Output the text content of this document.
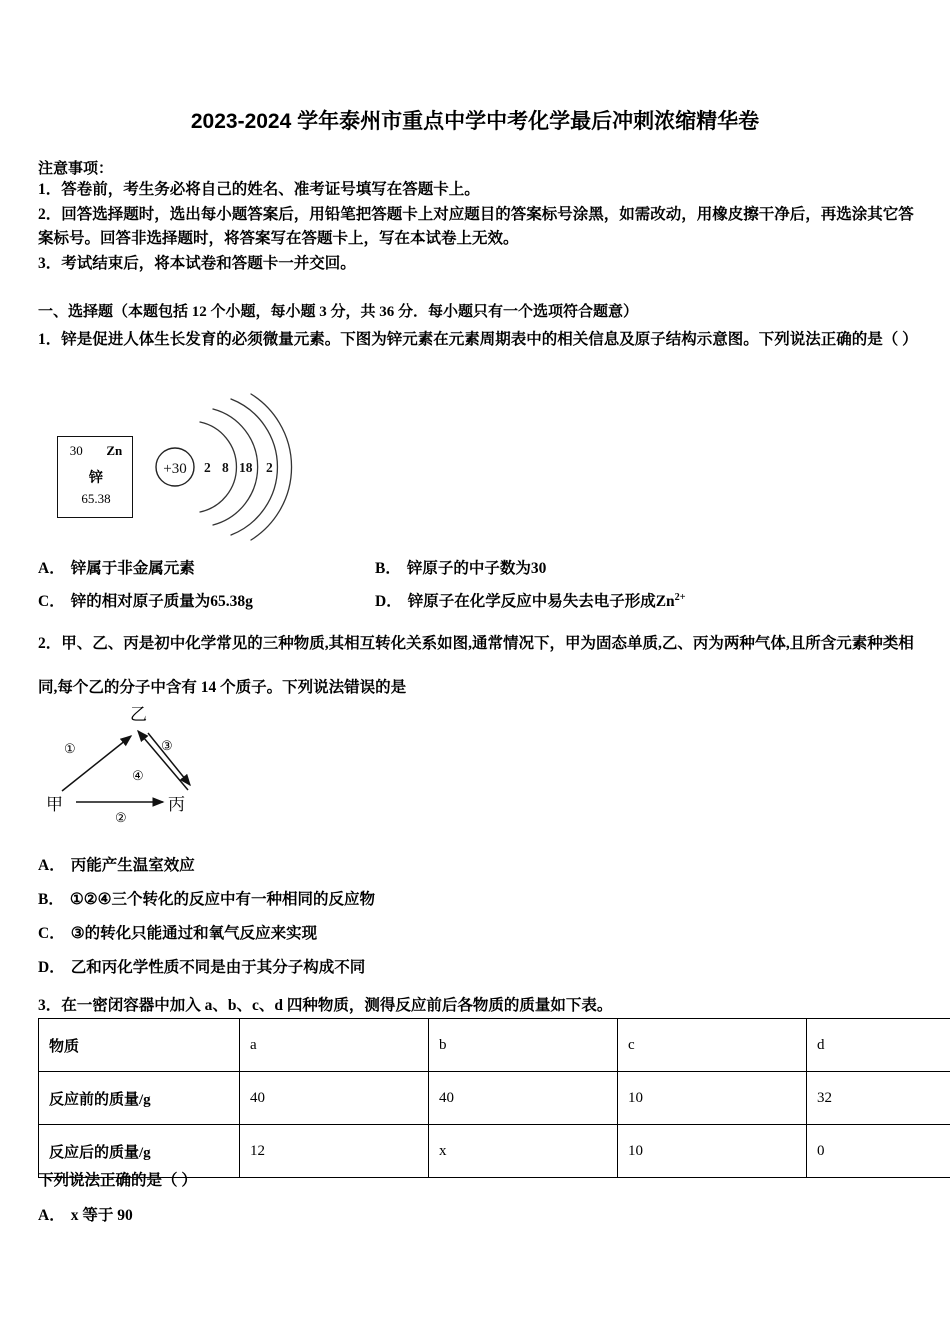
2023-2024 学年泰州市重点中学中考化学最后冲刺浓缩精华卷
注意事项：
1．答卷前，考生务必将自己的姓名、准考证号填写在答题卡上。
2．回答选择题时，选出每小题答案后，用铅笔把答题卡上对应题目的答案标号涂黑，如需改动，用橡皮擦干净后，再选涂其它答案标号。回答非选择题时，将答案写在答题卡上，写在本试卷上无效。
3．考试结束后，将本试卷和答题卡一并交回。
一、选择题（本题包括 12 个小题，每小题 3 分，共 36 分．每小题只有一个选项符合题意）
1．锌是促进人体生长发育的必须微量元素。下图为锌元素在元素周期表中的相关信息及原子结构示意图。下列说法正确的是（ ）
30 Zn
锌
65.38
+30 2 8 18 2
A． 锌属于非金属元素	B． 锌原子的中子数为30
C． 锌的相对原子质量为65.38g	D． 锌原子在化学反应中易失去电子形成$Zn^{2+}$
2．甲、乙、丙是初中化学常见的三种物质,其相互转化关系如图,通常情况下，甲为固态单质,乙、丙为两种气体,且所含元素种类相同,每个乙的分子中含有 14 个质子。下列说法错误的是
乙
甲	丙
①
②
③
④
A． 丙能产生温室效应
B． ①②④三个转化的反应中有一种相同的反应物
C． ③的转化只能通过和氧气反应来实现
D． 乙和丙化学性质不同是由于其分子构成不同
3．在一密闭容器中加入 a、b、c、d 四种物质，测得反应前后各物质的质量如下表。
物质	a	b	c	d
反应前的质量/g	40	40	10	32
反应后的质量/g	12	x	10	0
下列说法正确的是（ ）
A． x 等于 90
